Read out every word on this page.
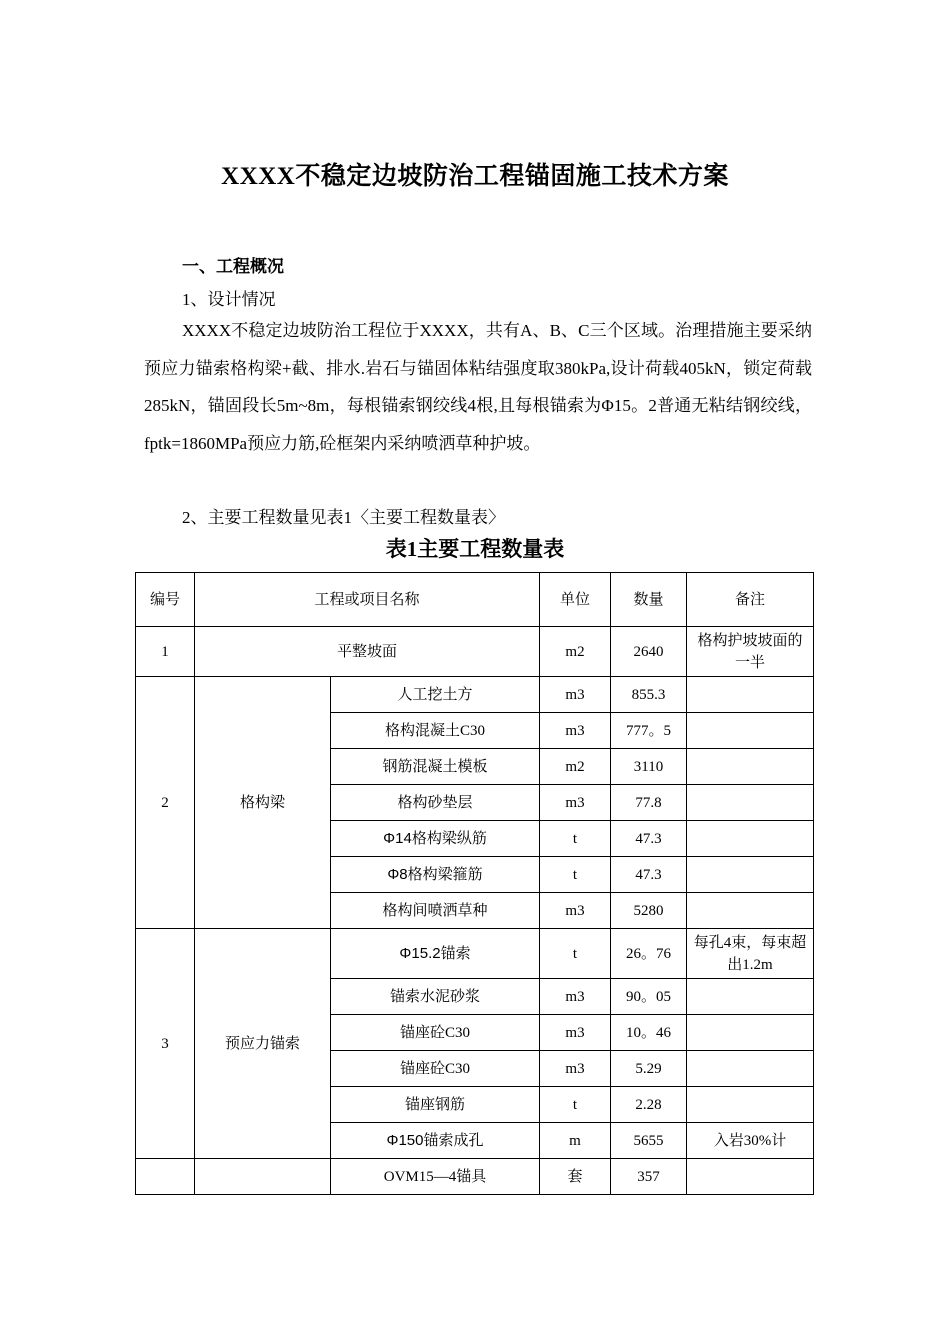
XXXX不稳定边坡防治工程锚固施工技术方案
一、工程概况
1、设计情况

XXXX不稳定边坡防治工程位于XXXX，共有A、B、C三个区域。治理措施主要采纳预应力锚索格构梁+截、排水.岩石与锚固体粘结强度取380kPa,设计荷载405kN，锁定荷载285kN，锚固段长5m~8m，每根锚索钢绞线4根,且每根锚索为Φ15。2普通无粘结钢绞线，fptk=1860MPa预应力筋,砼框架内采纳喷洒草种护坡。

2、主要工程数量见表1〈主要工程数量表〉
表1主要工程数量表
编号	工程或项目名称		单位	数量	备注
1	平整坡面		m2	2640	格构护坡坡面的一半
2	格构梁	人工挖土方	m3	855.3	
		格构混凝土C30	m3	777。5	
		钢筋混凝土模板	m2	3110	
		格构砂垫层	m3	77.8	
		Φ14格构梁纵筋	t	47.3	
		Φ8格构梁箍筋	t	47.3	
		格构间喷洒草种	m3	5280	
3	预应力锚索	Φ15.2锚索	t	26。76	每孔4束，每束超出1.2m
		锚索水泥砂浆	m3	90。05	
		锚座砼C30	m3	10。46	
		锚座砼C30	m3	5.29	
		锚座钢筋	t	2.28	
		Φ150锚索成孔	m	5655	入岩30%计
		OVM15—4锚具	套	357	
